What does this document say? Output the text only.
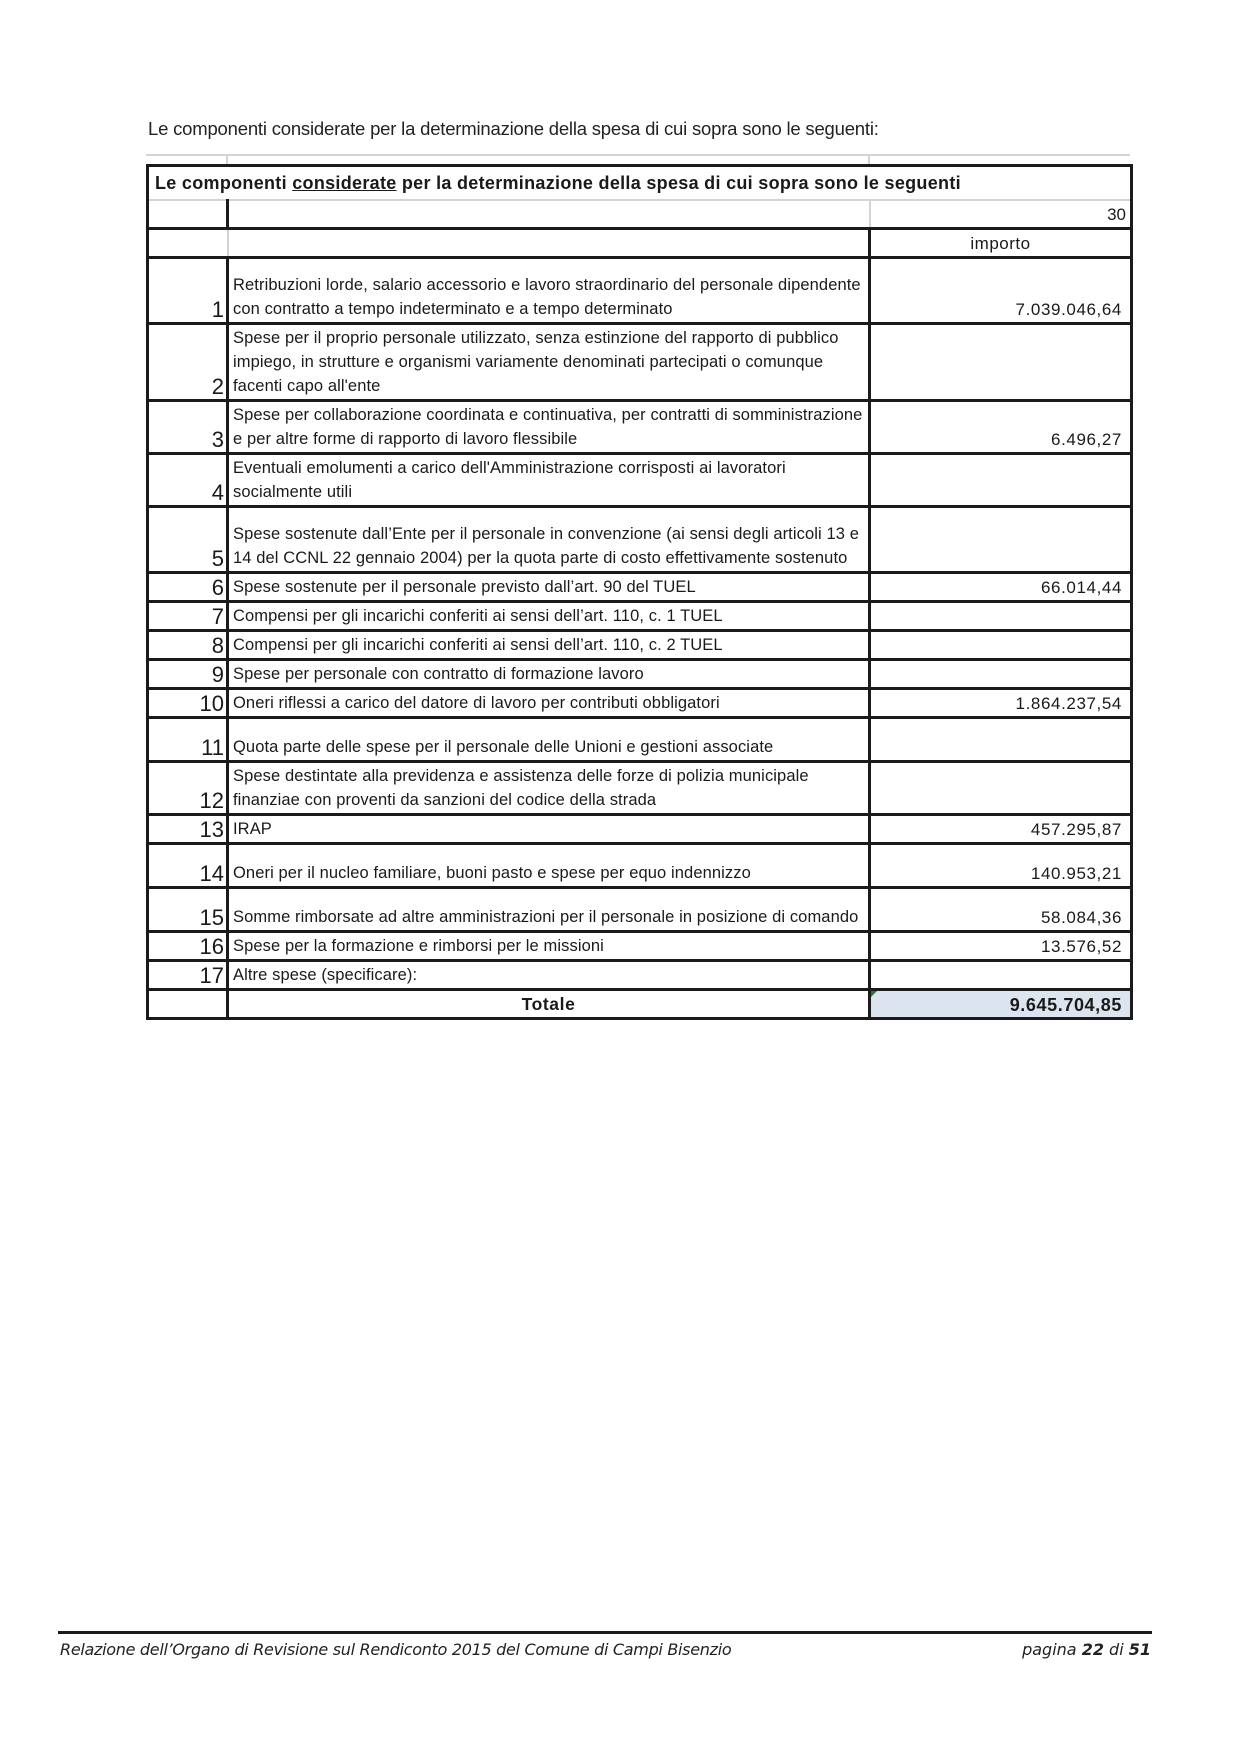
Le componenti considerate per la determinazione della spesa di cui sopra sono le seguenti:
Le componenti considerate per la determinazione della spesa di cui sopra sono le seguenti		
		30
		importo
1	Retribuzioni lorde, salario accessorio e lavoro straordinario del personale dipendente con contratto a tempo indeterminato e a tempo determinato	7.039.046,64
2	Spese per il proprio personale utilizzato, senza estinzione del rapporto di pubblico impiego, in strutture e organismi variamente denominati partecipati o comunque facenti capo all'ente	
3	Spese per collaborazione coordinata e continuativa, per contratti di somministrazione e per altre forme di rapporto di lavoro flessibile	6.496,27
4	Eventuali emolumenti a carico dell'Amministrazione corrisposti ai lavoratori socialmente utili	
5	Spese sostenute dall’Ente per il personale in convenzione (ai sensi degli articoli 13 e 14 del CCNL 22 gennaio 2004) per la quota parte di costo effettivamente sostenuto	
6	Spese sostenute per il personale previsto dall’art. 90 del TUEL	66.014,44
7	Compensi per gli incarichi conferiti ai sensi dell’art. 110, c. 1 TUEL	
8	Compensi per gli incarichi conferiti ai sensi dell’art. 110, c. 2 TUEL	
9	Spese per personale con contratto di formazione lavoro	
10	Oneri riflessi a carico del datore di lavoro per contributi obbligatori	1.864.237,54
11	Quota parte delle spese per il personale delle Unioni e gestioni associate	
12	Spese destintate alla previdenza e assistenza delle forze di polizia municipale finanziae con proventi da sanzioni del codice della strada	
13	IRAP	457.295,87
14	Oneri per il nucleo familiare, buoni pasto e spese per equo indennizzo	140.953,21
15	Somme rimborsate ad altre amministrazioni per il personale in posizione di comando	58.084,36
16	Spese per la formazione e rimborsi per le missioni	13.576,52
17	Altre spese (specificare):	
	Totale	9.645.704,85
Relazione dell’Organo di Revisione sul Rendiconto 2015 del Comune di Campi Bisenzio	pagina 22 di 51
